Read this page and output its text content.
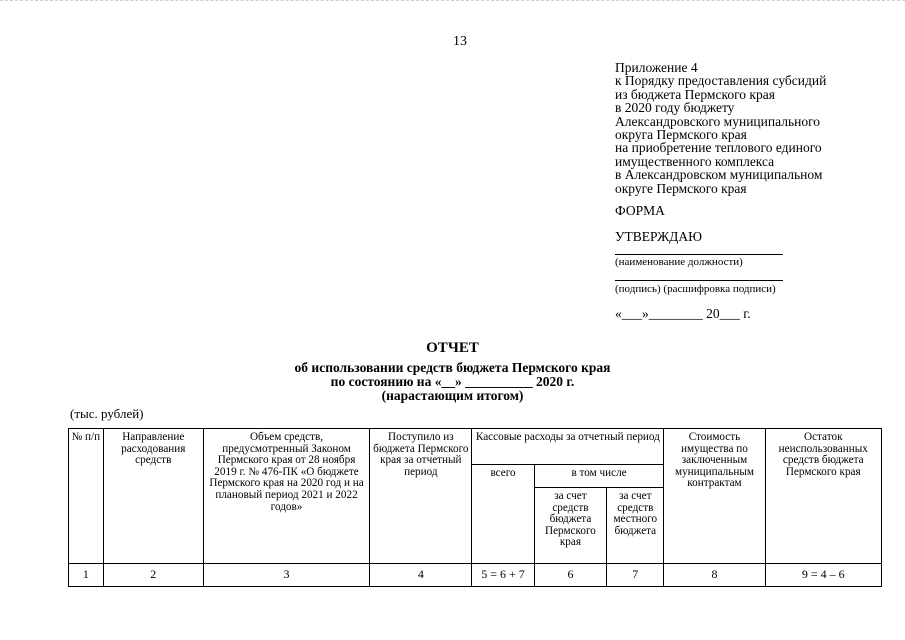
13
Приложение 4
к Порядку предоставления субсидий
из бюджета Пермского края
в 2020 году бюджету
Александровского муниципального
округа Пермского края
на приобретение теплового единого
имущественного комплекса
в Александровском муниципальном
округе Пермского края
ФОРМА
УТВЕРЖДАЮ
(наименование должности)
(подпись) (расшифровка подписи)
«___»________ 20___ г.
ОТЧЕТ
об использовании средств бюджета Пермского края
по состоянию на «__» __________ 2020 г.
(нарастающим итогом)
(тыс. рублей)
№ п/п	Направление расходования средств	Объем средств, предусмотренный Законом Пермского края от 28 ноября 2019 г. № 476-ПК «О бюджете Пермского края на 2020 год и на плановый период 2021 и 2022 годов»	Поступило из бюджета Пермского края за отчетный период	Кассовые расходы за отчетный период			Стоимость имущества по заключенным муниципальным контрактам	Остаток неиспользованных средств бюджета Пермского края
				всего	в том числе			
					за счет средств бюджета Пермского края	за счет средств местного бюджета		
1	2	3	4	5 = 6 + 7	6	7	8	9 = 4 – 6
